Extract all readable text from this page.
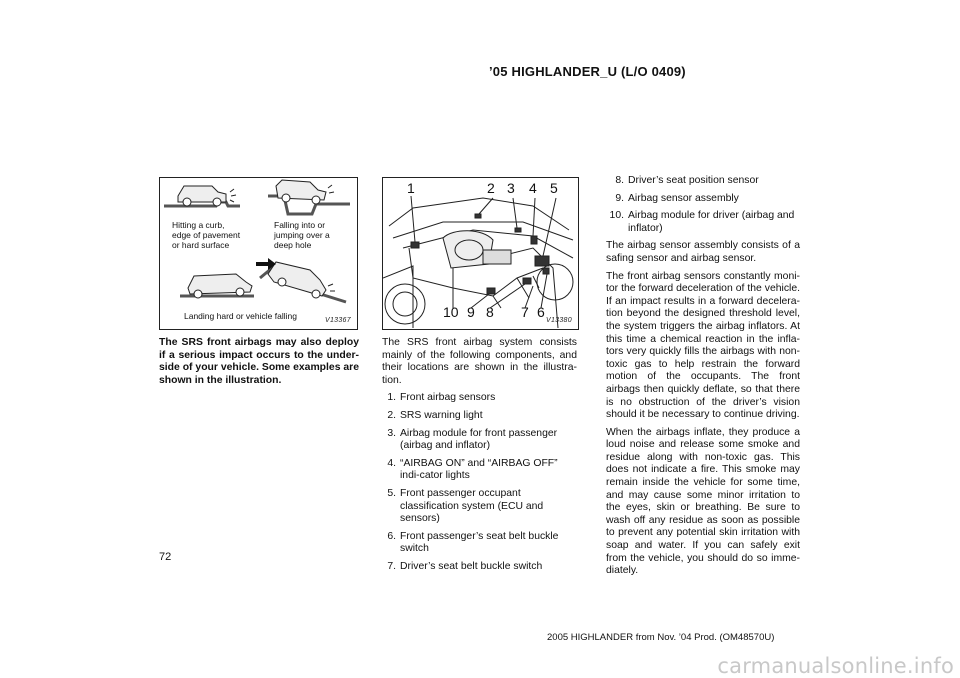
’05 HIGHLANDER_U (L/O 0409)
Hitting a curb,
edge of pavement
or hard surface
Falling into or
jumping over a
deep hole
Landing hard or vehicle falling	V13367
1	2 3 4 5
10 9 8 7 6
V13380

The SRS front airbags may also deploy if a serious impact occurs to the under-side of your vehicle. Some examples are shown in the illustration.

The SRS front airbag system consists mainly of the following components, and their locations are shown in the illustra-tion.

1. Front airbag sensors
2. SRS warning light
3. Airbag module for front passenger (airbag and inflator)
4. “AIRBAG ON” and “AIRBAG OFF” indi-cator lights
5. Front passenger occupant classification system (ECU and sensors)
6. Front passenger’s seat belt buckle switch
7. Driver’s seat belt buckle switch
8. Driver’s seat position sensor
9. Airbag sensor assembly
10. Airbag module for driver (airbag and inflator)

The airbag sensor assembly consists of a safing sensor and airbag sensor.

The front airbag sensors constantly moni-tor the forward deceleration of the vehicle. If an impact results in a forward decelera-tion beyond the designed threshold level, the system triggers the airbag inflators. At this time a chemical reaction in the infla-tors very quickly fills the airbags with non-toxic gas to help restrain the forward motion of the occupants. The front airbags then quickly deflate, so that there is no obstruction of the driver’s vision should it be necessary to continue driving.

When the airbags inflate, they produce a loud noise and release some smoke and residue along with non-toxic gas. This does not indicate a fire. This smoke may remain inside the vehicle for some time, and may cause some minor irritation to the eyes, skin or breathing. Be sure to wash off any residue as soon as possible to prevent any potential skin irritation with soap and water. If you can safely exit from the vehicle, you should do so imme-diately.

72
2005 HIGHLANDER from Nov. ’04 Prod. (OM48570U)
carmanualsonline.info
